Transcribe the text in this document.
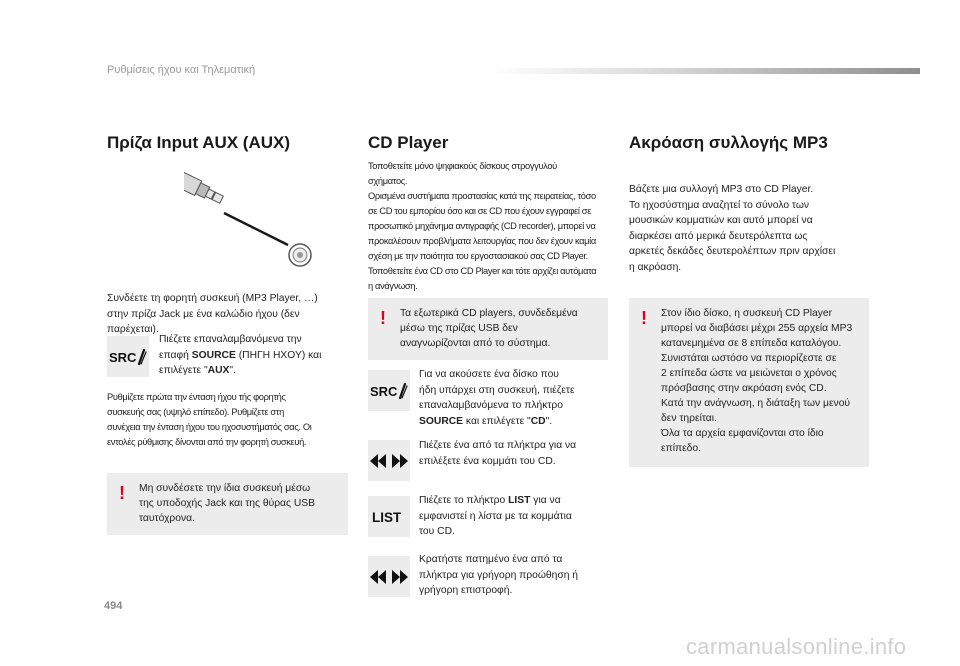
Ρυθμίσεις ήχου και Τηλεματική
Πρίζα Input AUX (AUX)
Συνδέετε τη φορητή συσκευή (MP3 Player, …)
στην πρίζα Jack με ένα καλώδιο ήχου (δεν
παρέχεται).
SRC
Πιέζετε επαναλαμβανόμενα την
επαφή SOURCE (ΠΗΓΗ ΗΧΟΥ) και
επιλέγετε "AUX".
Ρυθμίζετε πρώτα την ένταση ήχου τής φορητής
συσκευής σας (υψηλό επίπεδο). Ρυθμίζετε στη
συνέχεια την ένταση ήχου του ηχοσυστήματός σας. Οι
εντολές ρύθμισης δίνονται από την φορητή συσκευή.
! Μη συνδέσετε την ίδια συσκευή μέσω
της υποδοχής Jack και της θύρας USB
ταυτόχρονα.
CD Player
Τοποθετείτε μόνο ψηφιακούς δίσκους στρογγυλού
σχήματος.
Ορισμένα συστήματα προστασίας κατά της πειρατείας, τόσο
σε CD του εμπορίου όσο και σε CD που έχουν εγγραφεί σε
προσωπικό μηχάνημα αντιγραφής (CD recorder), μπορεί να
προκαλέσουν προβλήματα λειτουργίας που δεν έχουν καμία
σχέση με την ποιότητα του εργοστασιακού σας CD Player.
Τοποθετείτε ένα CD στο CD Player και τότε αρχίζει αυτόματα
η ανάγνωση.
! Τα εξωτερικά CD players, συνδεδεμένα
μέσω της πρίζας USB δεν
αναγνωρίζονται από το σύστημα.
SRC
Για να ακούσετε ένα δίσκο που
ήδη υπάρχει στη συσκευή, πιέζετε
επαναλαμβανόμενα το πλήκτρο
SOURCE και επιλέγετε "CD".
Πιέζετε ένα από τα πλήκτρα για να
επιλέξετε ένα κομμάτι του CD.
LIST
Πιέζετε το πλήκτρο LIST για να
εμφανιστεί η λίστα με τα κομμάτια
του CD.
Κρατήστε πατημένο ένα από τα
πλήκτρα για γρήγορη προώθηση ή
γρήγορη επιστροφή.
Ακρόαση συλλογής MP3
Βάζετε μια συλλογή MP3 στο CD Player.
Το ηχοσύστημα αναζητεί το σύνολο των
μουσικών κομματιών και αυτό μπορεί να
διαρκέσει από μερικά δευτερόλεπτα ως
αρκετές δεκάδες δευτερολέπτων πριν αρχίσει
η ακρόαση.
! Στον ίδιο δίσκο, η συσκευή CD Player
μπορεί να διαβάσει μέχρι 255 αρχεία MP3
κατανεμημένα σε 8 επίπεδα καταλόγου.
Συνιστάται ωστόσο να περιορίζεστε σε
2 επίπεδα ώστε να μειώνεται ο χρόνος
πρόσβασης στην ακρόαση ενός CD.
Κατά την ανάγνωση, η διάταξη των μενού
δεν τηρείται.
Όλα τα αρχεία εμφανίζονται στο ίδιο
επίπεδο.
494
carmanualsonline.info
